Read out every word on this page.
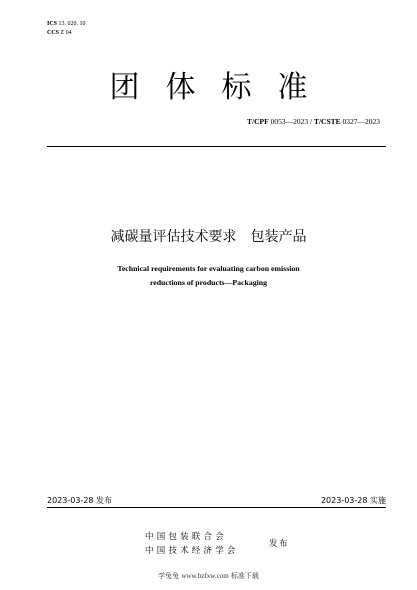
ICS 13. 020. 10
CCS Z 04
团体标准
T/CPF 0053—2023 / T/CSTE 0327—2023
减碳量评估技术要求 包装产品
Technical requirements for evaluating carbon emission
reductions of products—Packaging
2023-03-28 发布	2023-03-28 实施
中国包装联合会
中国技术经济学会
发布
学兔兔 www.bzfxw.com 标准下载
